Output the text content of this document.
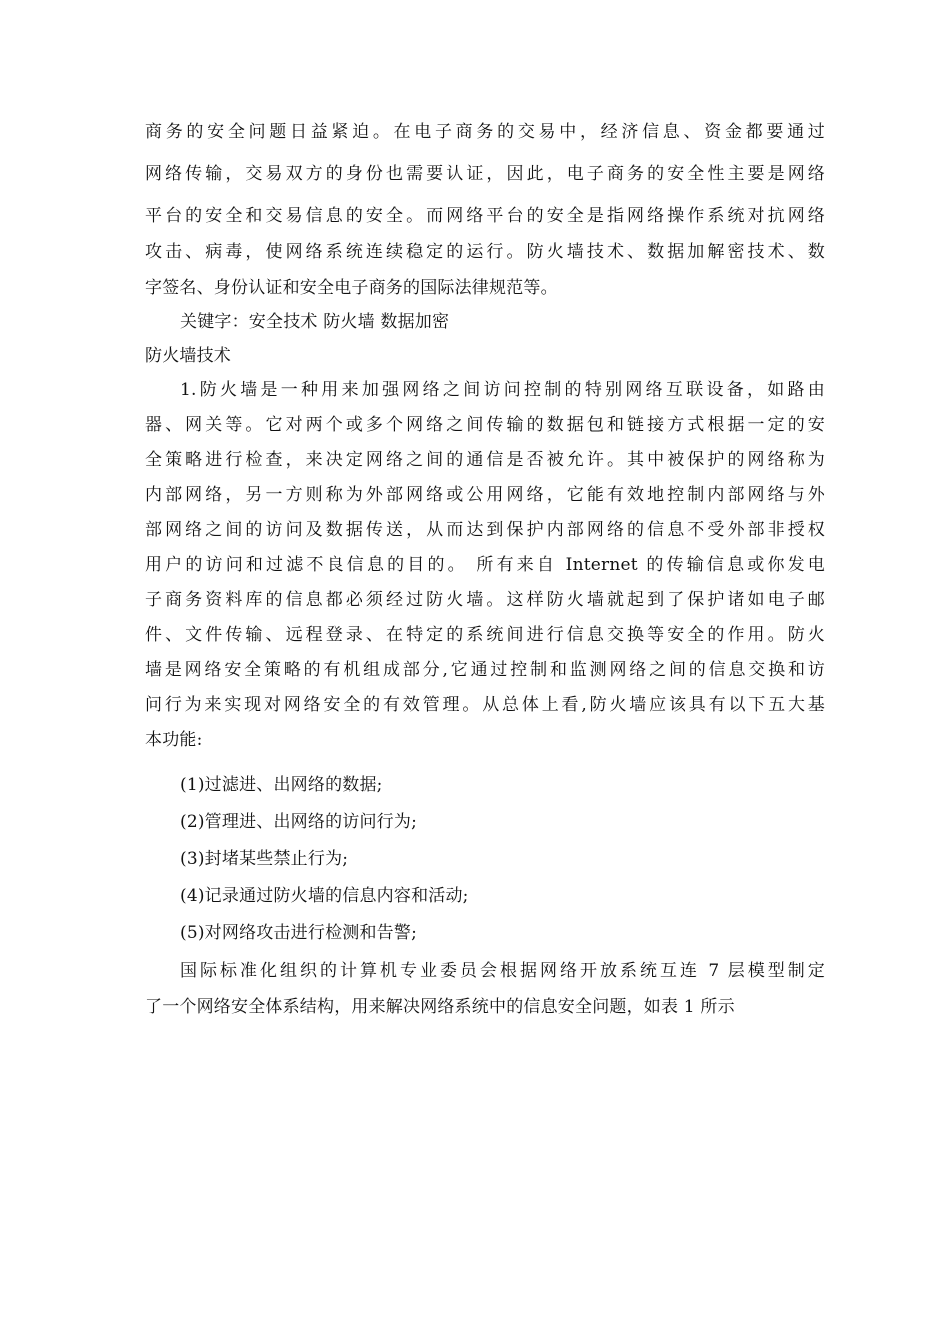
商务的安全问题日益紧迫。在电子商务的交易中，经济信息、资金都要通过
网络传输，交易双方的身份也需要认证，因此，电子商务的安全性主要是网络
平台的安全和交易信息的安全。而网络平台的安全是指网络操作系统对抗网络
攻击、病毒，使网络系统连续稳定的运行。防火墙技术、数据加解密技术、数
字签名、身份认证和安全电子商务的国际法律规范等。
关键字：安全技术 防火墙 数据加密
防火墙技术
1.防火墙是一种用来加强网络之间访问控制的特别网络互联设备，如路由
器、网关等。它对两个或多个网络之间传输的数据包和链接方式根据一定的安
全策略进行检查，来决定网络之间的通信是否被允许。其中被保护的网络称为
内部网络，另一方则称为外部网络或公用网络，它能有效地控制内部网络与外
部网络之间的访问及数据传送，从而达到保护内部网络的信息不受外部非授权
用户的访问和过滤不良信息的目的。 所有来自 Internet 的传输信息或你发电
子商务资料库的信息都必须经过防火墙。这样防火墙就起到了保护诸如电子邮
件、文件传输、远程登录、在特定的系统间进行信息交换等安全的作用。防火
墙是网络安全策略的有机组成部分,它通过控制和监测网络之间的信息交换和访
问行为来实现对网络安全的有效管理。从总体上看,防火墙应该具有以下五大基
本功能:
(1)过滤进、出网络的数据;
(2)管理进、出网络的访问行为;
(3)封堵某些禁止行为;
(4)记录通过防火墙的信息内容和活动;
(5)对网络攻击进行检测和告警;
国际标准化组织的计算机专业委员会根据网络开放系统互连 7 层模型制定
了一个网络安全体系结构，用来解决网络系统中的信息安全问题，如表 1 所示
